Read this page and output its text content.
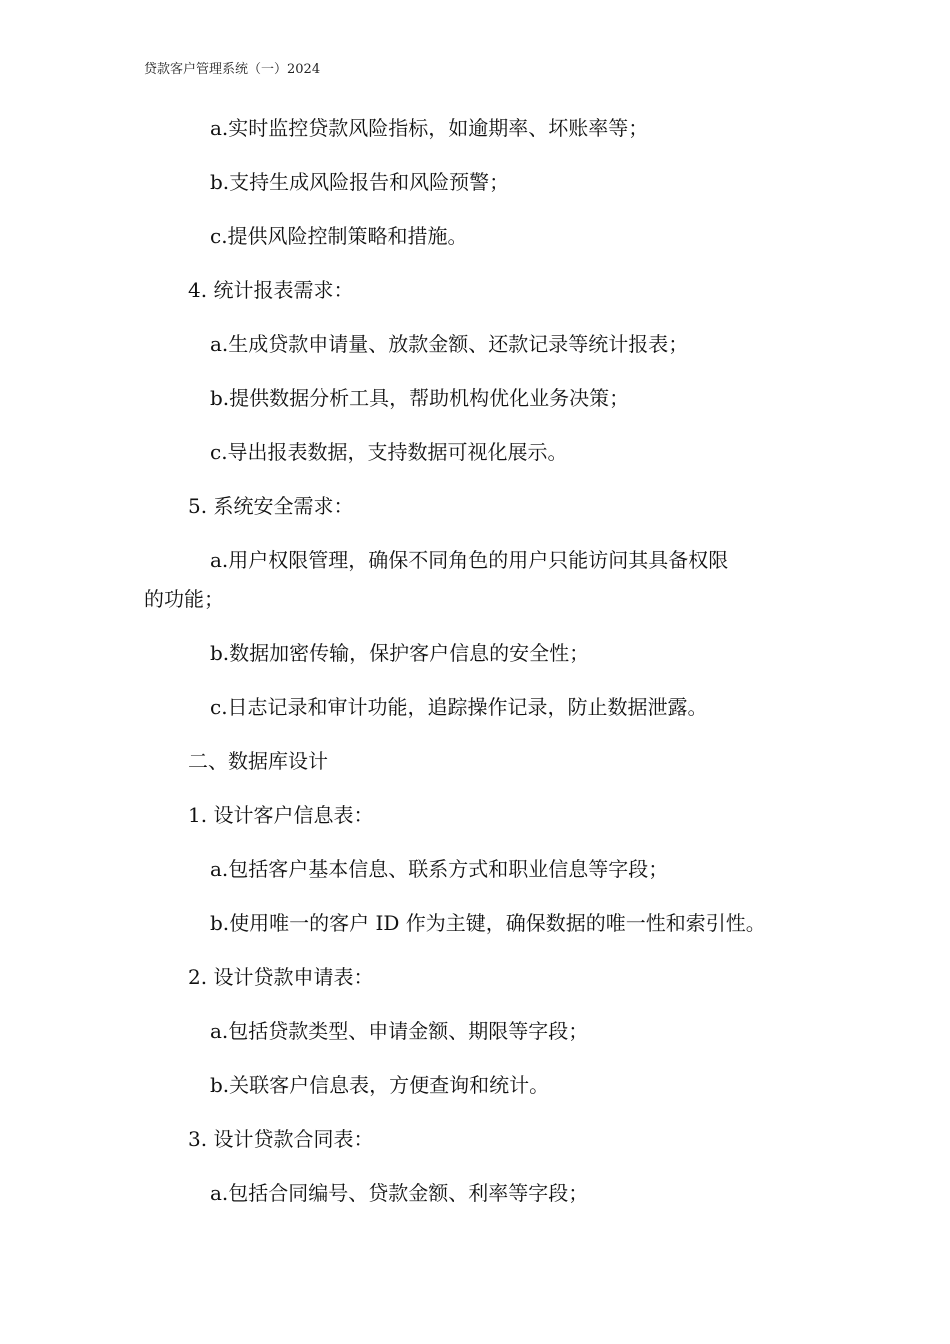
贷款客户管理系统（一）2024
a.实时监控贷款风险指标，如逾期率、坏账率等；
b.支持生成风险报告和风险预警；
c.提供风险控制策略和措施。
4. 统计报表需求：
a.生成贷款申请量、放款金额、还款记录等统计报表；
b.提供数据分析工具，帮助机构优化业务决策；
c.导出报表数据，支持数据可视化展示。
5. 系统安全需求：
a.用户权限管理，确保不同角色的用户只能访问其具备权限
的功能；
b.数据加密传输，保护客户信息的安全性；
c.日志记录和审计功能，追踪操作记录，防止数据泄露。
二、数据库设计
1. 设计客户信息表：
a.包括客户基本信息、联系方式和职业信息等字段；
b.使用唯一的客户 ID 作为主键，确保数据的唯一性和索引性。
2. 设计贷款申请表：
a.包括贷款类型、申请金额、期限等字段；
b.关联客户信息表，方便查询和统计。
3. 设计贷款合同表：
a.包括合同编号、贷款金额、利率等字段；
